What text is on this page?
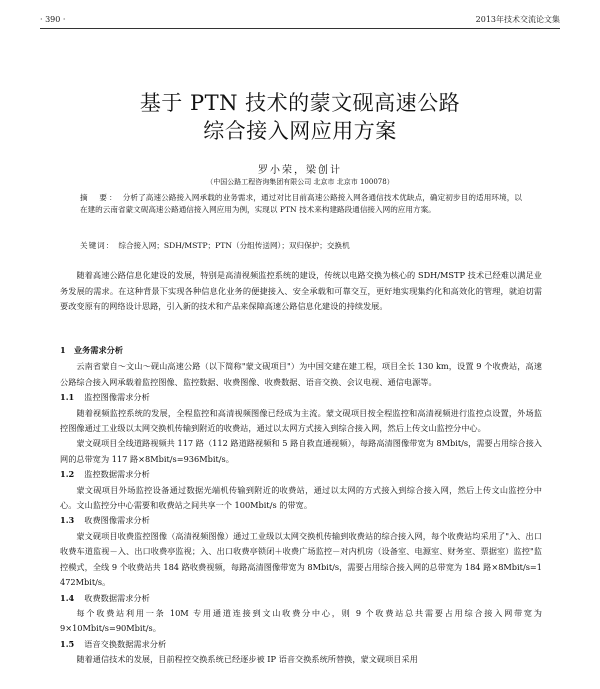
· 390 ·	2013年技术交流论文集
基于 PTN 技术的蒙文砚高速公路
综合接入网应用方案
罗小荣，梁创计
（中国公路工程咨询集团有限公司 北京市 北京市 100078）
摘　要： 分析了高速公路接入网承载的业务需求，通过对比目前高速公路接入网各通信技术优缺点，确定初步目的适用环境，以在建的云南省蒙文砚高速公路通信接入网应用为例，实现以 PTN 技术来构建路段通信接入网的应用方案。
关键词： 综合接入网；SDH/MSTP；PTN（分组传送网）；双归保护；交换机
随着高速公路信息化建设的发展，特别是高清视频监控系统的建设，传统以电路交换为核心的 SDH/MSTP 技术已经难以满足业务发展的需求。在这种背景下实现各种信息化业务的便捷接入、安全承载和可靠交互，更好地实现集约化和高效化的管理，就迫切需要改变原有的网络设计思路，引入新的技术和产品来保障高速公路信息化建设的持续发展。
1　业务需求分析
云南省蒙自～文山～砚山高速公路（以下简称"蒙文砚项目"）为中国交建在建工程，项目全长 130 km，设置 9 个收费站，高速公路综合接入网承载着监控图像、监控数据、收费图像、收费数据、语音交换、会议电视、通信电源等。
1.1 监控图像需求分析
随着视频监控系统的发展，全程监控和高清视频图像已经成为主流。蒙文砚项目按全程监控和高清视频进行监控点设置，外场监控图像通过工业级以太网交换机传输到附近的收费站，通过以太网方式接入到综合接入网，然后上传文山监控分中心。
蒙文砚项目全线道路视频共 117 路（112 路道路视频和 5 路自救直通视频），每路高清图像带宽为 8Mbit/s，需要占用综合接入网的总带宽为 117 路×8Mbit/s=936Mbit/s。
1.2 监控数据需求分析
蒙文砚项目外场监控设备通过数据光端机传输到附近的收费站，通过以太网的方式接入到综合接入网，然后上传文山监控分中心。文山监控分中心需要和收费站之间共享一个 100Mbit/s 的带宽。
1.3 收费图像需求分析
蒙文砚项目收费监控图像（高清视频图像）通过工业级以太网交换机传输到收费站的综合接入网，每个收费站均采用了"入、出口收费车道监视－入、出口收费亭监视；入、出口收费亭锁闭＋收费广场监控－对内机房（设备室、电源室、财务室、票据室）监控"监控模式，全线 9 个收费站共 184 路收费视频，每路高清图像带宽为 8Mbit/s，需要占用综合接入网的总带宽为 184 路×8Mbit/s=1 472Mbit/s。
1.4 收费数据需求分析
每个收费站利用一条 10M 专用通道连接到文山收费分中心，则 9 个收费站总共需要占用综合接入网带宽为 9×10Mbit/s=90Mbit/s。
1.5 语音交换数据需求分析
随着通信技术的发展，目前程控交换系统已经逐步被 IP 语音交换系统所替换，蒙文砚项目采用
